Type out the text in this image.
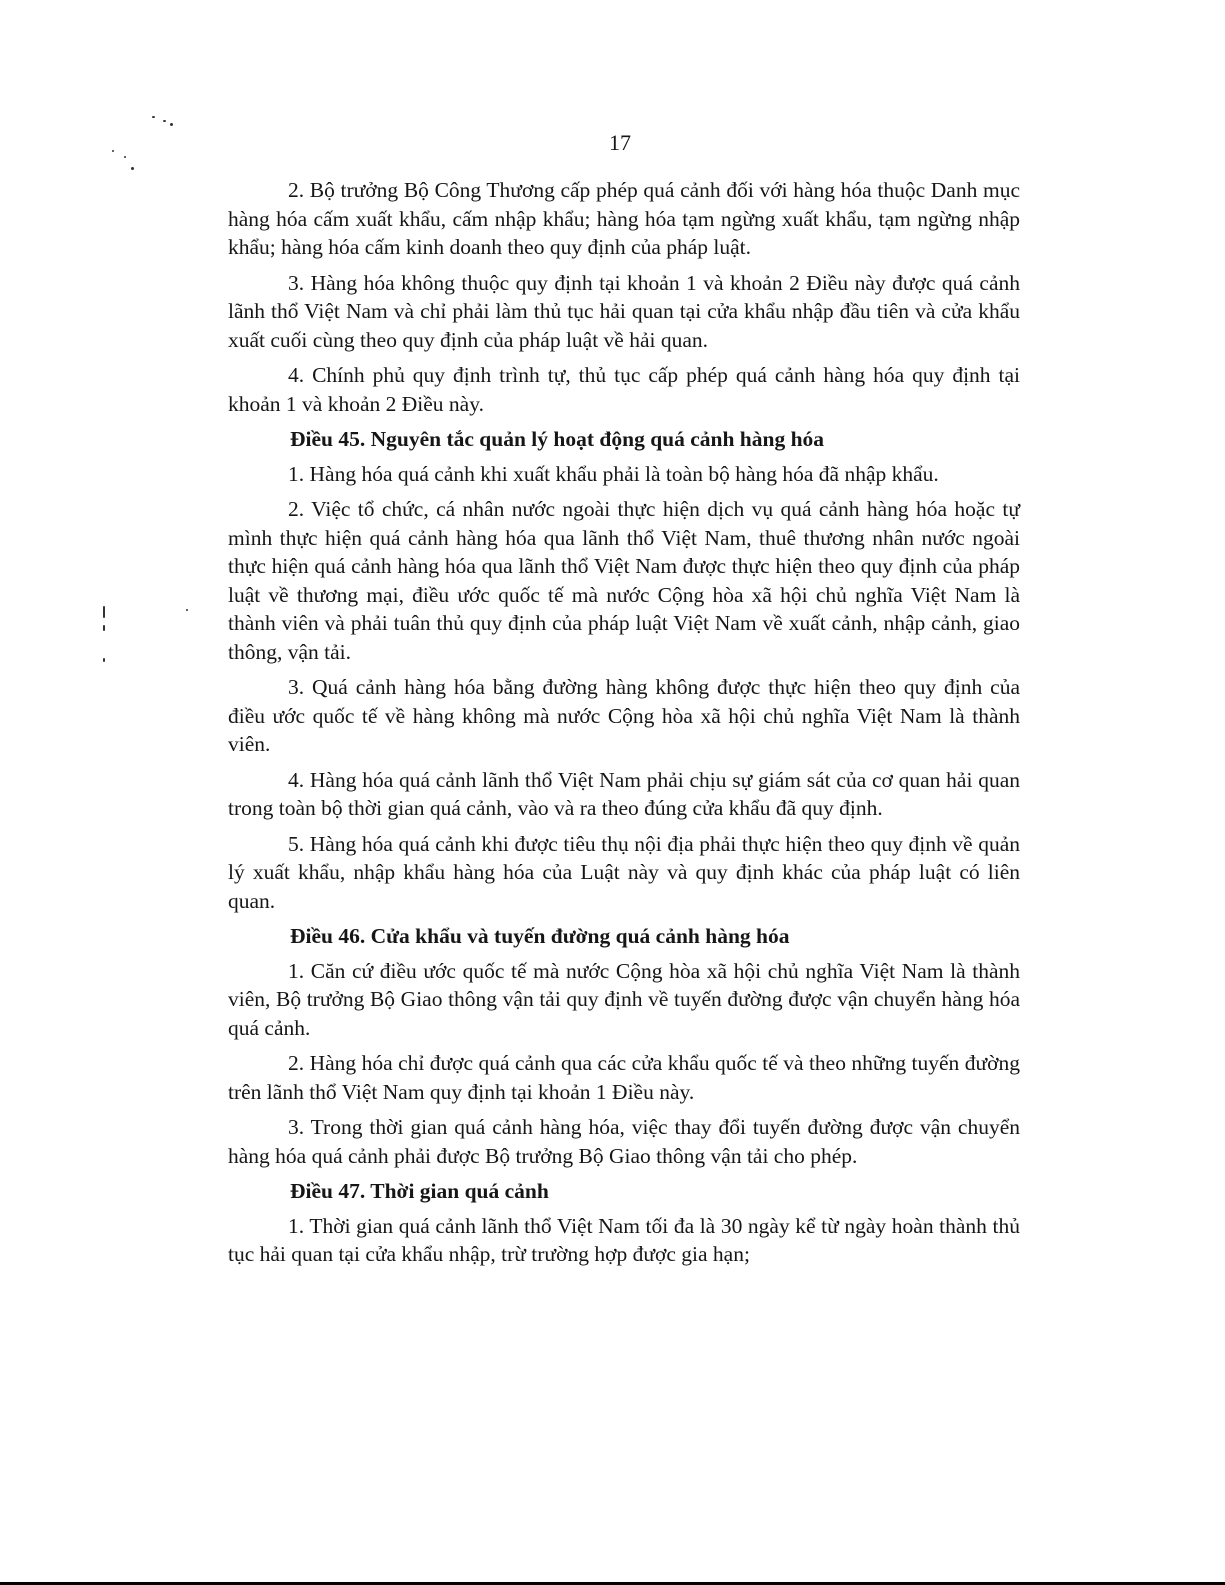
17

2. Bộ trưởng Bộ Công Thương cấp phép quá cảnh đối với hàng hóa thuộc Danh mục hàng hóa cấm xuất khẩu, cấm nhập khẩu; hàng hóa tạm ngừng xuất khẩu, tạm ngừng nhập khẩu; hàng hóa cấm kinh doanh theo quy định của pháp luật.

3. Hàng hóa không thuộc quy định tại khoản 1 và khoản 2 Điều này được quá cảnh lãnh thổ Việt Nam và chỉ phải làm thủ tục hải quan tại cửa khẩu nhập đầu tiên và cửa khẩu xuất cuối cùng theo quy định của pháp luật về hải quan.

4. Chính phủ quy định trình tự, thủ tục cấp phép quá cảnh hàng hóa quy định tại khoản 1 và khoản 2 Điều này.

Điều 45. Nguyên tắc quản lý hoạt động quá cảnh hàng hóa

1. Hàng hóa quá cảnh khi xuất khẩu phải là toàn bộ hàng hóa đã nhập khẩu.

2. Việc tổ chức, cá nhân nước ngoài thực hiện dịch vụ quá cảnh hàng hóa hoặc tự mình thực hiện quá cảnh hàng hóa qua lãnh thổ Việt Nam, thuê thương nhân nước ngoài thực hiện quá cảnh hàng hóa qua lãnh thổ Việt Nam được thực hiện theo quy định của pháp luật về thương mại, điều ước quốc tế mà nước Cộng hòa xã hội chủ nghĩa Việt Nam là thành viên và phải tuân thủ quy định của pháp luật Việt Nam về xuất cảnh, nhập cảnh, giao thông, vận tải.

3. Quá cảnh hàng hóa bằng đường hàng không được thực hiện theo quy định của điều ước quốc tế về hàng không mà nước Cộng hòa xã hội chủ nghĩa Việt Nam là thành viên.

4. Hàng hóa quá cảnh lãnh thổ Việt Nam phải chịu sự giám sát của cơ quan hải quan trong toàn bộ thời gian quá cảnh, vào và ra theo đúng cửa khẩu đã quy định.

5. Hàng hóa quá cảnh khi được tiêu thụ nội địa phải thực hiện theo quy định về quản lý xuất khẩu, nhập khẩu hàng hóa của Luật này và quy định khác của pháp luật có liên quan.

Điều 46. Cửa khẩu và tuyến đường quá cảnh hàng hóa

1. Căn cứ điều ước quốc tế mà nước Cộng hòa xã hội chủ nghĩa Việt Nam là thành viên, Bộ trưởng Bộ Giao thông vận tải quy định về tuyến đường được vận chuyển hàng hóa quá cảnh.

2. Hàng hóa chỉ được quá cảnh qua các cửa khẩu quốc tế và theo những tuyến đường trên lãnh thổ Việt Nam quy định tại khoản 1 Điều này.

3. Trong thời gian quá cảnh hàng hóa, việc thay đổi tuyến đường được vận chuyển hàng hóa quá cảnh phải được Bộ trưởng Bộ Giao thông vận tải cho phép.

Điều 47. Thời gian quá cảnh

1. Thời gian quá cảnh lãnh thổ Việt Nam tối đa là 30 ngày kể từ ngày hoàn thành thủ tục hải quan tại cửa khẩu nhập, trừ trường hợp được gia hạn;
